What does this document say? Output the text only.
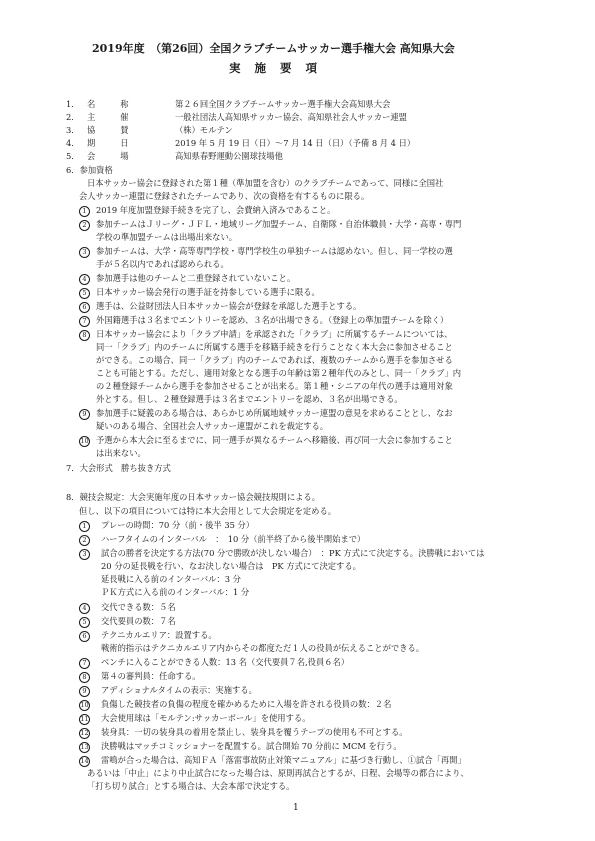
2019年度　（第26回）全国クラブチームサッカー選手権大会 高知県大会
実施要項
1． 名　　　称	第２６回全国クラブチームサッカー選手権大会高知県大会
2． 主　　　催	一般社団法人高知県サッカー協会、高知県社会人サッカー連盟
3． 協　　　賛	（株）モルテン
4． 期　　　日	2019 年 5 月 19 日（日）～7 月 14 日（日）（予備 8 月 4 日）
5． 会　　　場	高知県春野運動公園球技場他
6．参加資格
日本サッカー協会に登録された第１種（準加盟を含む）のクラブチームであって、同様に全国社
会人サッカー連盟に登録されたチームであり、次の資格を有するものに限る。
1	2019 年度加盟登録手続きを完了し、会費納入済みであること。
2	参加チームはＪリーグ・ＪＦＬ・地域リーグ加盟チーム、自衛隊・自治体職員・大学・高専・専門
学校の準加盟チームは出場出来ない。
3	参加チームは、大学・高等専門学校・専門学校生の単独チームは認めない。但し、同一学校の選
手が５名以内であれば認められる。
4	参加選手は他のチームと二重登録されていないこと。
5	日本サッカー協会発行の選手証を持参している選手に限る。
6	選手は、公益財団法人日本サッカー協会が登録を承認した選手とする。
7	外国籍選手は３名までエントリーを認め、３名が出場できる。（登録上の準加盟チームを除く）
8	日本サッカー協会により「クラブ申請」を承認された「クラブ」に所属するチームについては、
同一「クラブ」内のチームに所属する選手を移籍手続きを行うことなく本大会に参加させること
ができる。この場合、同一「クラブ」内のチームであれば、複数のチームから選手を参加させる
ことも可能とする。ただし、適用対象となる選手の年齢は第２種年代のみとし、同一「クラブ」内
の２種登録チームから選手を参加させることが出来る。第１種・シニアの年代の選手は適用対象
外とする。但し、２種登録選手は３名までエントリーを認め、３名が出場できる。
9	参加選手に疑義のある場合は、あらかじめ所属地域サッカー連盟の意見を求めることとし、なお
疑いのある場合、全国社会人サッカー連盟がこれを裁定する。
10 予選から本大会に至るまでに、同一選手が異なるチームへ移籍後、再び同一大会に参加すること
は出来ない。
7．大会形式　勝ち抜き方式
8．競技会規定：大会実施年度の日本サッカー協会競技規則による。
但し、以下の項目については特に本大会用として大会規定を定める。
1	プレーの時間：70 分（前・後半 35 分）
2	ハーフタイムのインターバル　：　10 分（前半終了から後半開始まで）
3	試合の勝者を決定する方法(70 分で勝敗が決しない場合）　：PK 方式にて決定する。決勝戦においては
20 分の延長戦を行い、なお決しない場合は　PK 方式にて決定する。
延長戦に入る前のインターバル：3 分
ＰＫ方式に入る前のインターバル：1 分
4	交代できる数：５名
5	交代要員の数：７名
6	テクニカルエリア：設置する。
戦術的指示はテクニカルエリア内からその都度ただ１人の役員が伝えることができる。
7	ベンチに入ることができる人数：13 名（交代要員７名,役員６名）
8	第４の審判員：任命する。
9	アディショナルタイムの表示：実施する。
10 負傷した競技者の負傷の程度を確かめるために入場を許される役員の数：２名
11 大会使用球は「モルテン:サッカーボール」を使用する。
12 装身具：一切の装身具の着用を禁止し、装身具を覆うテープの使用も不可とする。
13 決勝戦はマッチコミッショナーを配置する。試合開始 70 分前に MCM を行う。
14 雷鳴が合った場合は、高知ＦＡ「落雷事故防止対策マニュアル」に基づき行動し、①試合「再開」
あるいは「中止」により中止試合になった場合は、原則再試合とするが、日程、会場等の都合により、
「打ち切り試合」とする場合は、大会本部で決定する。
1
